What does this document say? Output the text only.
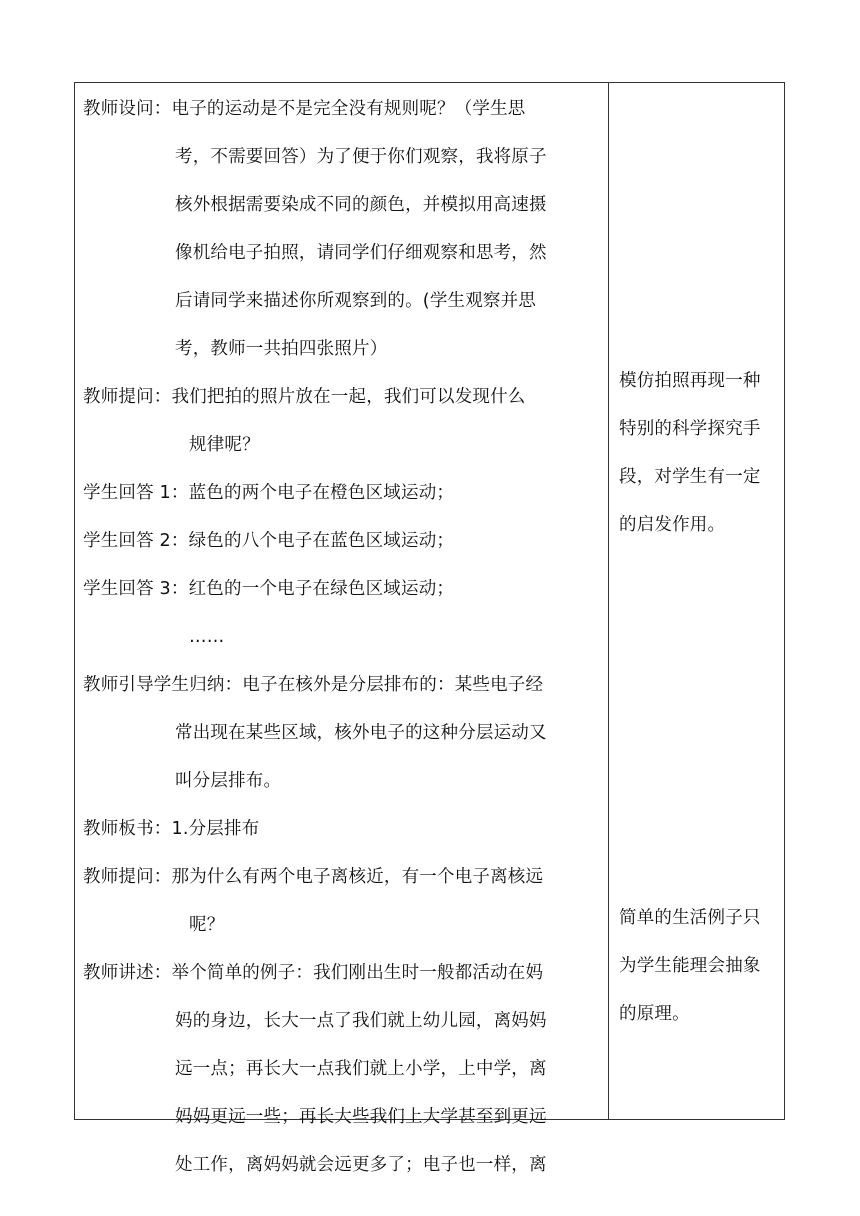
教师设问：电子的运动是不是完全没有规则呢？（学生思
考，不需要回答）为了便于你们观察，我将原子
核外根据需要染成不同的颜色，并模拟用高速摄
像机给电子拍照，请同学们仔细观察和思考，然
后请同学来描述你所观察到的。(学生观察并思
考，教师一共拍四张照片）
教师提问：我们把拍的照片放在一起，我们可以发现什么
规律呢？
学生回答 1：蓝色的两个电子在橙色区域运动；
学生回答 2：绿色的八个电子在蓝色区域运动；
学生回答 3：红色的一个电子在绿色区域运动；
……
教师引导学生归纳：电子在核外是分层排布的：某些电子经
常出现在某些区域，核外电子的这种分层运动又
叫分层排布。
教师板书：1.分层排布
教师提问：那为什么有两个电子离核近，有一个电子离核远
呢？
教师讲述：举个简单的例子：我们刚出生时一般都活动在妈
妈的身边，长大一点了我们就上幼儿园，离妈妈
远一点；再长大一点我们就上小学，上中学，离
妈妈更远一些；再长大些我们上大学甚至到更远
处工作，离妈妈就会远更多了；电子也一样，离
模仿拍照再现一种
特别的科学探究手
段，对学生有一定
的启发作用。
简单的生活例子只
为学生能理会抽象
的原理。
